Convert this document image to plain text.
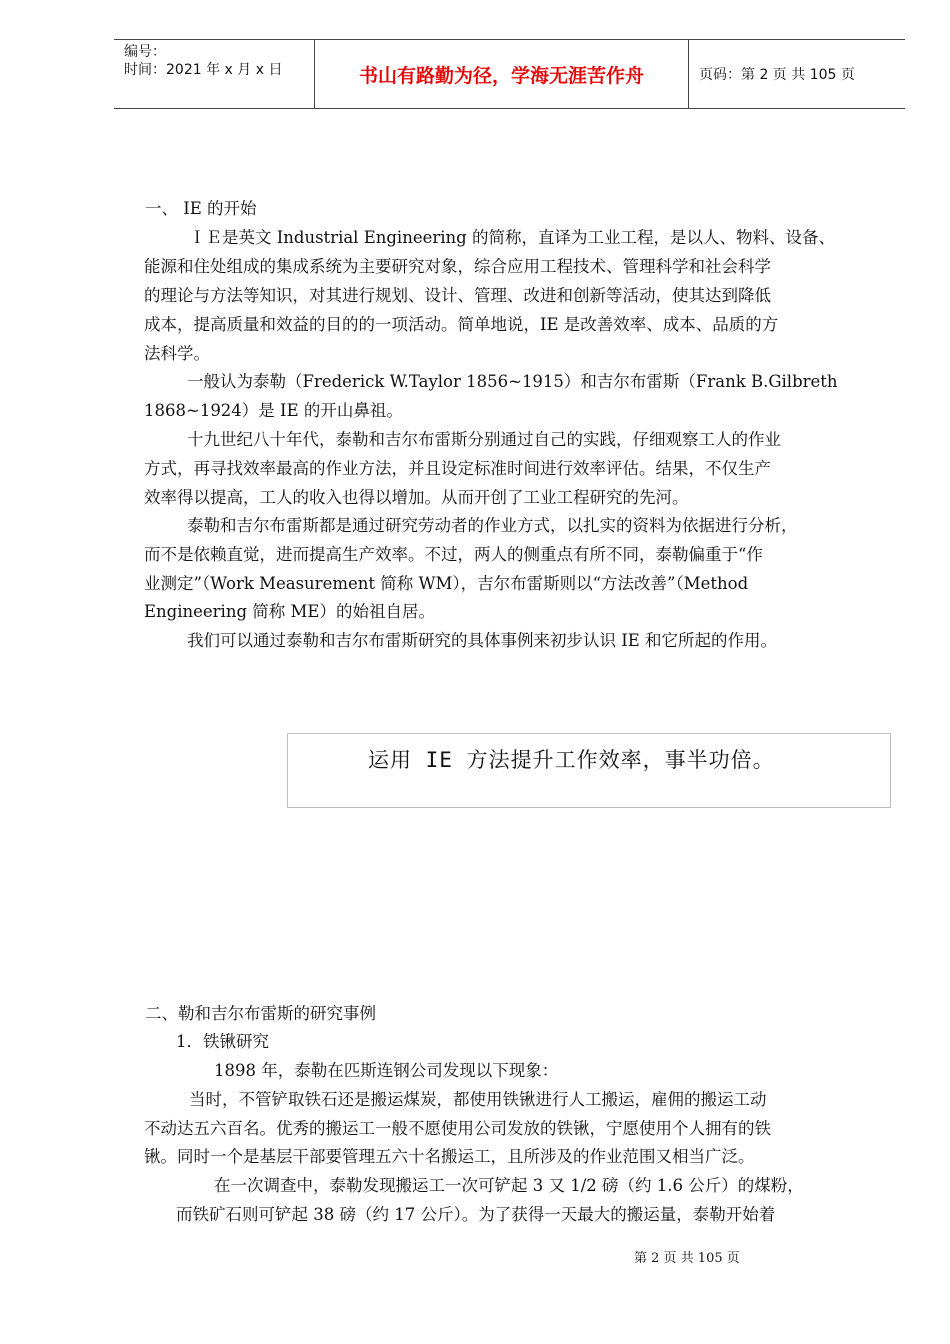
编号：
时间：2021 年 x 月 x 日	书山有路勤为径，学海无涯苦作舟	页码：第 2 页 共 105 页
一、 IE 的开始
ＩＥ是英文 Industrial Engineering 的简称，直译为工业工程，是以人、物料、设备、
能源和住处组成的集成系统为主要研究对象，综合应用工程技术、管理科学和社会科学
的理论与方法等知识，对其进行规划、设计、管理、改进和创新等活动，使其达到降低
成本，提高质量和效益的目的的一项活动。简单地说，IE 是改善效率、成本、品质的方
法科学。
一般认为泰勒（Frederick W.Taylor 1856~1915）和吉尔布雷斯（Frank B.Gilbreth
1868~1924）是 IE 的开山鼻祖。
十九世纪八十年代，泰勒和吉尔布雷斯分别通过自己的实践，仔细观察工人的作业
方式，再寻找效率最高的作业方法，并且设定标准时间进行效率评估。结果，不仅生产
效率得以提高，工人的收入也得以增加。从而开创了工业工程研究的先河。
泰勒和吉尔布雷斯都是通过研究劳动者的作业方式，以扎实的资料为依据进行分析，
而不是依赖直觉，进而提高生产效率。不过，两人的侧重点有所不同，泰勒偏重于“作
业测定”（Work Measurement 简称 WM），吉尔布雷斯则以“方法改善”（Method
Engineering 简称 ME）的始祖自居。
我们可以通过泰勒和吉尔布雷斯研究的具体事例来初步认识 IE 和它所起的作用。
运用 IE 方法提升工作效率，事半功倍。
二、勒和吉尔布雷斯的研究事例
1．铁锹研究
1898 年，泰勒在匹斯连钢公司发现以下现象：
当时，不管铲取铁石还是搬运煤炭，都使用铁锹进行人工搬运，雇佣的搬运工动
不动达五六百名。优秀的搬运工一般不愿使用公司发放的铁锹，宁愿使用个人拥有的铁
锹。同时一个是基层干部要管理五六十名搬运工，且所涉及的作业范围又相当广泛。
在一次调查中，泰勒发现搬运工一次可铲起 3 又 1/2 磅（约 1.6 公斤）的煤粉，
而铁矿石则可铲起 38 磅（约 17 公斤）。为了获得一天最大的搬运量，泰勒开始着
第 2 页 共 105 页
